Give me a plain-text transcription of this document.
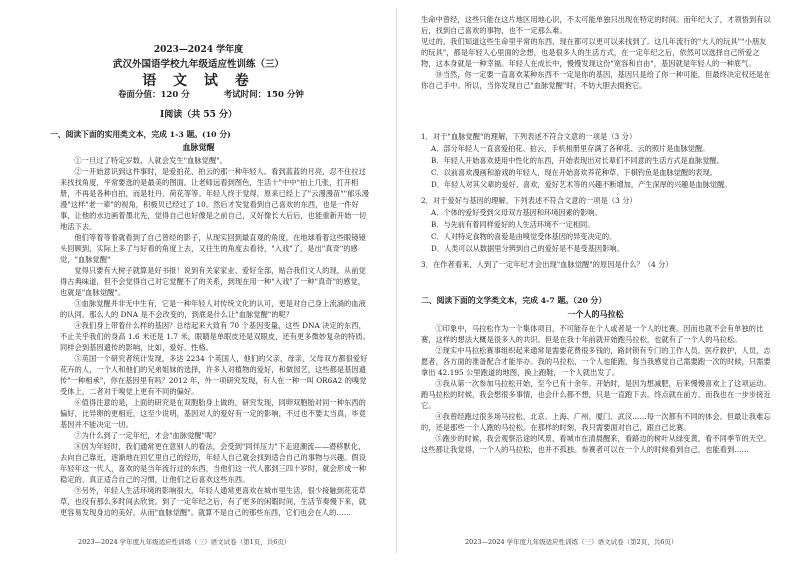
2023—2024 学年度
武汉外国语学校九年级适应性训练（三）
语 文 试 卷
卷面分值：120 分	考试时间：150 分钟
Ⅰ阅读（共 55 分）
一、阅读下面的实用类文本，完成 1-3 题。(10 分)
血脉觉醒
①一旦过了特定岁数，人就会发生"血脉觉醒"。
②一开始意识到这件事时，是爱拍花、拍云的那一种年轻人。看到蓝蓝的月亮，忍不住拉过来找找角度，平常要选的是最美的图面。让老师远看到图色，生活十"中中"拍上几张，打开相册，不再是各种自拍，而是牡丹、荷花等等。年轻人终于觉得，原来已经上了"云漫漫苗""郁乐漫漫"这样"老一辈"的视角，积极贝已经过了 10。然后才发觉看到自己喜欢的东西，也是一件好事，让他的水边画着墨北先，觉得自己也好像是之前自己，又好像长大后后，也能重新开始一切地活下去。
他们等着等着就看到了自己曾经的影子，从现实回到最直观的角度，在地球看着这些眼镜镜头回顾到，实际上多了与好看的角度上去，又往生的角度去看待，"入戏"了，是出"真奇"的感觉，"血脉觉醒"
觉得只要有大树子就算是好书报！说到有关家家业、爱好全部，贴合我们文人的现，从前觉得古典味道，但不会觉得自己对它觉醒不了的关系，到现在用一种"入戏"了一种"真奇"的感觉，也就是"血脉觉醒"。
③血脉觉醒并非无中生有，它是一种年轻人对传统文化的认可，更是对自己身上流淌的血液的认同。那么人的 DNA 是不会改变的，到底是什么让"血脉觉醒"的呢？
④我们身上带着什么样的基因？总结起来大致有 70 个基因变量，这些 DNA 决定的东西，不止关乎我们的身高 1.6 米还是 1.7 米，眼睛是单眼皮还是双眼皮，还有更多微妙复杂的特质。同样会到基因遗传的影响，比如，爱好、性格。
⑤英国一个研究者统计发现，多达 2234 个英国人，他们的父亲，母亲，父母双方都很爱好花卉的人，一个人和他们的兄弟姐妹的选择，许多人对植物的爱好，和做园艺，这些都是基因遗传"一种相承"，你在基因里有吗？2012 年，外一项研究发现，有人在一种一叫 OR6A2 的嗅觉受体上，二者对于嗅觉上更有不同的偏好。
⑥值得注意的是，上面的研究是在双胞胎身上做的，研究发现，同卵双胞胎对同一种东西的偏好，比异卵的更相近，这至少说明，基因对人的爱好有一定的影响，不过也不要太当真，毕竟基因并不能决定一切。
⑦为什么到了一定年纪，才会"血脉觉醒"呢？
⑧因为年轻时，我们通常更在意别人的看法，会受到"同伴压力"下走迎潮流——潜移默化，去向自己靠近，逐渐地在回忆里自己的经历，年轻人自己就会找到适合自己的事物与兴趣。假设年轻年这一代人，喜欢的是当年流行过的东西，当他们这一代人都到三四十岁时，就会形成一种稳定的、真正适合自己的习惯，让他们之后喜欢这些东西。
⑨另外，年轻人生活环境的影响很大，年轻人通常更喜欢在城市里生活，很少接触到花花草草，也没有那么多时间去欣赏。到了一定年纪之后，有了更多的闲暇时间，生活节奏慢下来，就更容易发现身边的美好，从而"血脉觉醒"。就算不是自己的那些东西，它们也会在人的……
2023—2024 学年度九年级适应性训练（三）语文试卷（第1页，共6页）
生命中曾经，这些只能在这片地区用地心识，不太可能单独只出现在特定的时间。而年纪大了，才领悟到有以后，找到自己喜欢的事物，也不一定那么难。
见过的，我们知道这些生命里平常的东西，现在都可以更可以来找到了。这几年流行的"大人的玩具""小朋友的玩具"，都是年轻人心里面的念想，也是很多人的生活方式，在一定年纪之后，依然可以选择自己所爱之物，这本身就是一种幸福。年轻人在成长中，慢慢发现这份"宽容和自由"，基因就是年轻人的一种底气。
⑩当然，你一定要一直喜欢某种东西不一定是你的基因，基因只是给了你一种可能，但最终决定权还是在你自己手中。所以，当你发现自己"血脉觉醒"时，不妨大胆去拥抱它。
1．对于"血脉觉醒"的理解，下列表述不符合文意的一项是（3 分）
A．部分年轻人一直喜爱拍花、拍云，手机相册里存满了各种花、云的照片是血脉觉醒。
B．年轻人开始喜欢使用中性化的东西，开始表现出对长辈们不同意的生活方式是血脉觉醒。
C．以前喜欢漫画和游戏的年轻人，现在开始喜欢养花种草、下棋钓鱼是血脉觉醒的表现。
D．年轻人对其父辈的爱好、喜欢，爱好艺术等的兴趣不断增加，产生深厚的兴趣是血脉觉醒。
2．对于爱好与基因的理解，下列表述不符合文意的一项是（3 分）
A．个体的爱好受到父母双方基因和环境因素的影响。
B．与先前有着同样爱好的人生活环境不一定相同。
C．人对特定食物的喜爱是由嗅觉受体基因的异变决定的。
D．人类可以从数据里分辨到自己的爱好是不是受基因影响。
3．在作者看来，人到了一定年纪才会出现"血脉觉醒"的原因是什么？（4 分）
二、阅读下面的文学类文本，完成 4-7 题。（20 分）
一个人的马拉松
①印象中，马拉松作为一个集体项目，不可能存在个人或者是一个人的比赛。因而也就不会有单独的比赛，这样的想法大概是很多人的共识。但是在我十年前就开始跑马拉松，也就有了一个人的马拉松。
②现实中马拉松赛事组织起来通常是需要花费很多钱的，路封锁有专门的工作人员，医疗救护，人员，志愿者，各方面的准备配合才能举办。我的马拉松，一个人也能跑，每当我感觉自己需要跑一次的时候，只需要拿出 42.195 公里跑道的地图，换上跑鞋，一个人就出发了。
③我从第一次参加马拉松开始，至今已有十余年。开始时，是因为想减肥，后来慢慢喜欢上了这项运动。跑马拉松的时候，我会想很多事情，也会什么都不想，只是一直跑下去。终点就在前方，而我也在一步步接近它。
④我曾经跑过很多场马拉松，北京、上海、广州、厦门、武汉……每一次都有不同的体会。但最让我难忘的，还是那些一个人跑的马拉松。在那样的时刻，我只需要面对自己，跟自己比赛。
⑤跑步的时候，我会观察沿途的风景，看城市在清晨醒来，看路边的树叶从绿变黄，看不同季节的天空。这些都让我觉得，一个人的马拉松，也并不孤独。参赛者可以在一个人的时候看到自己，也能看到……
2023—2024 学年度九年级适应性训练（三）语文试卷（第2页，共6页）
